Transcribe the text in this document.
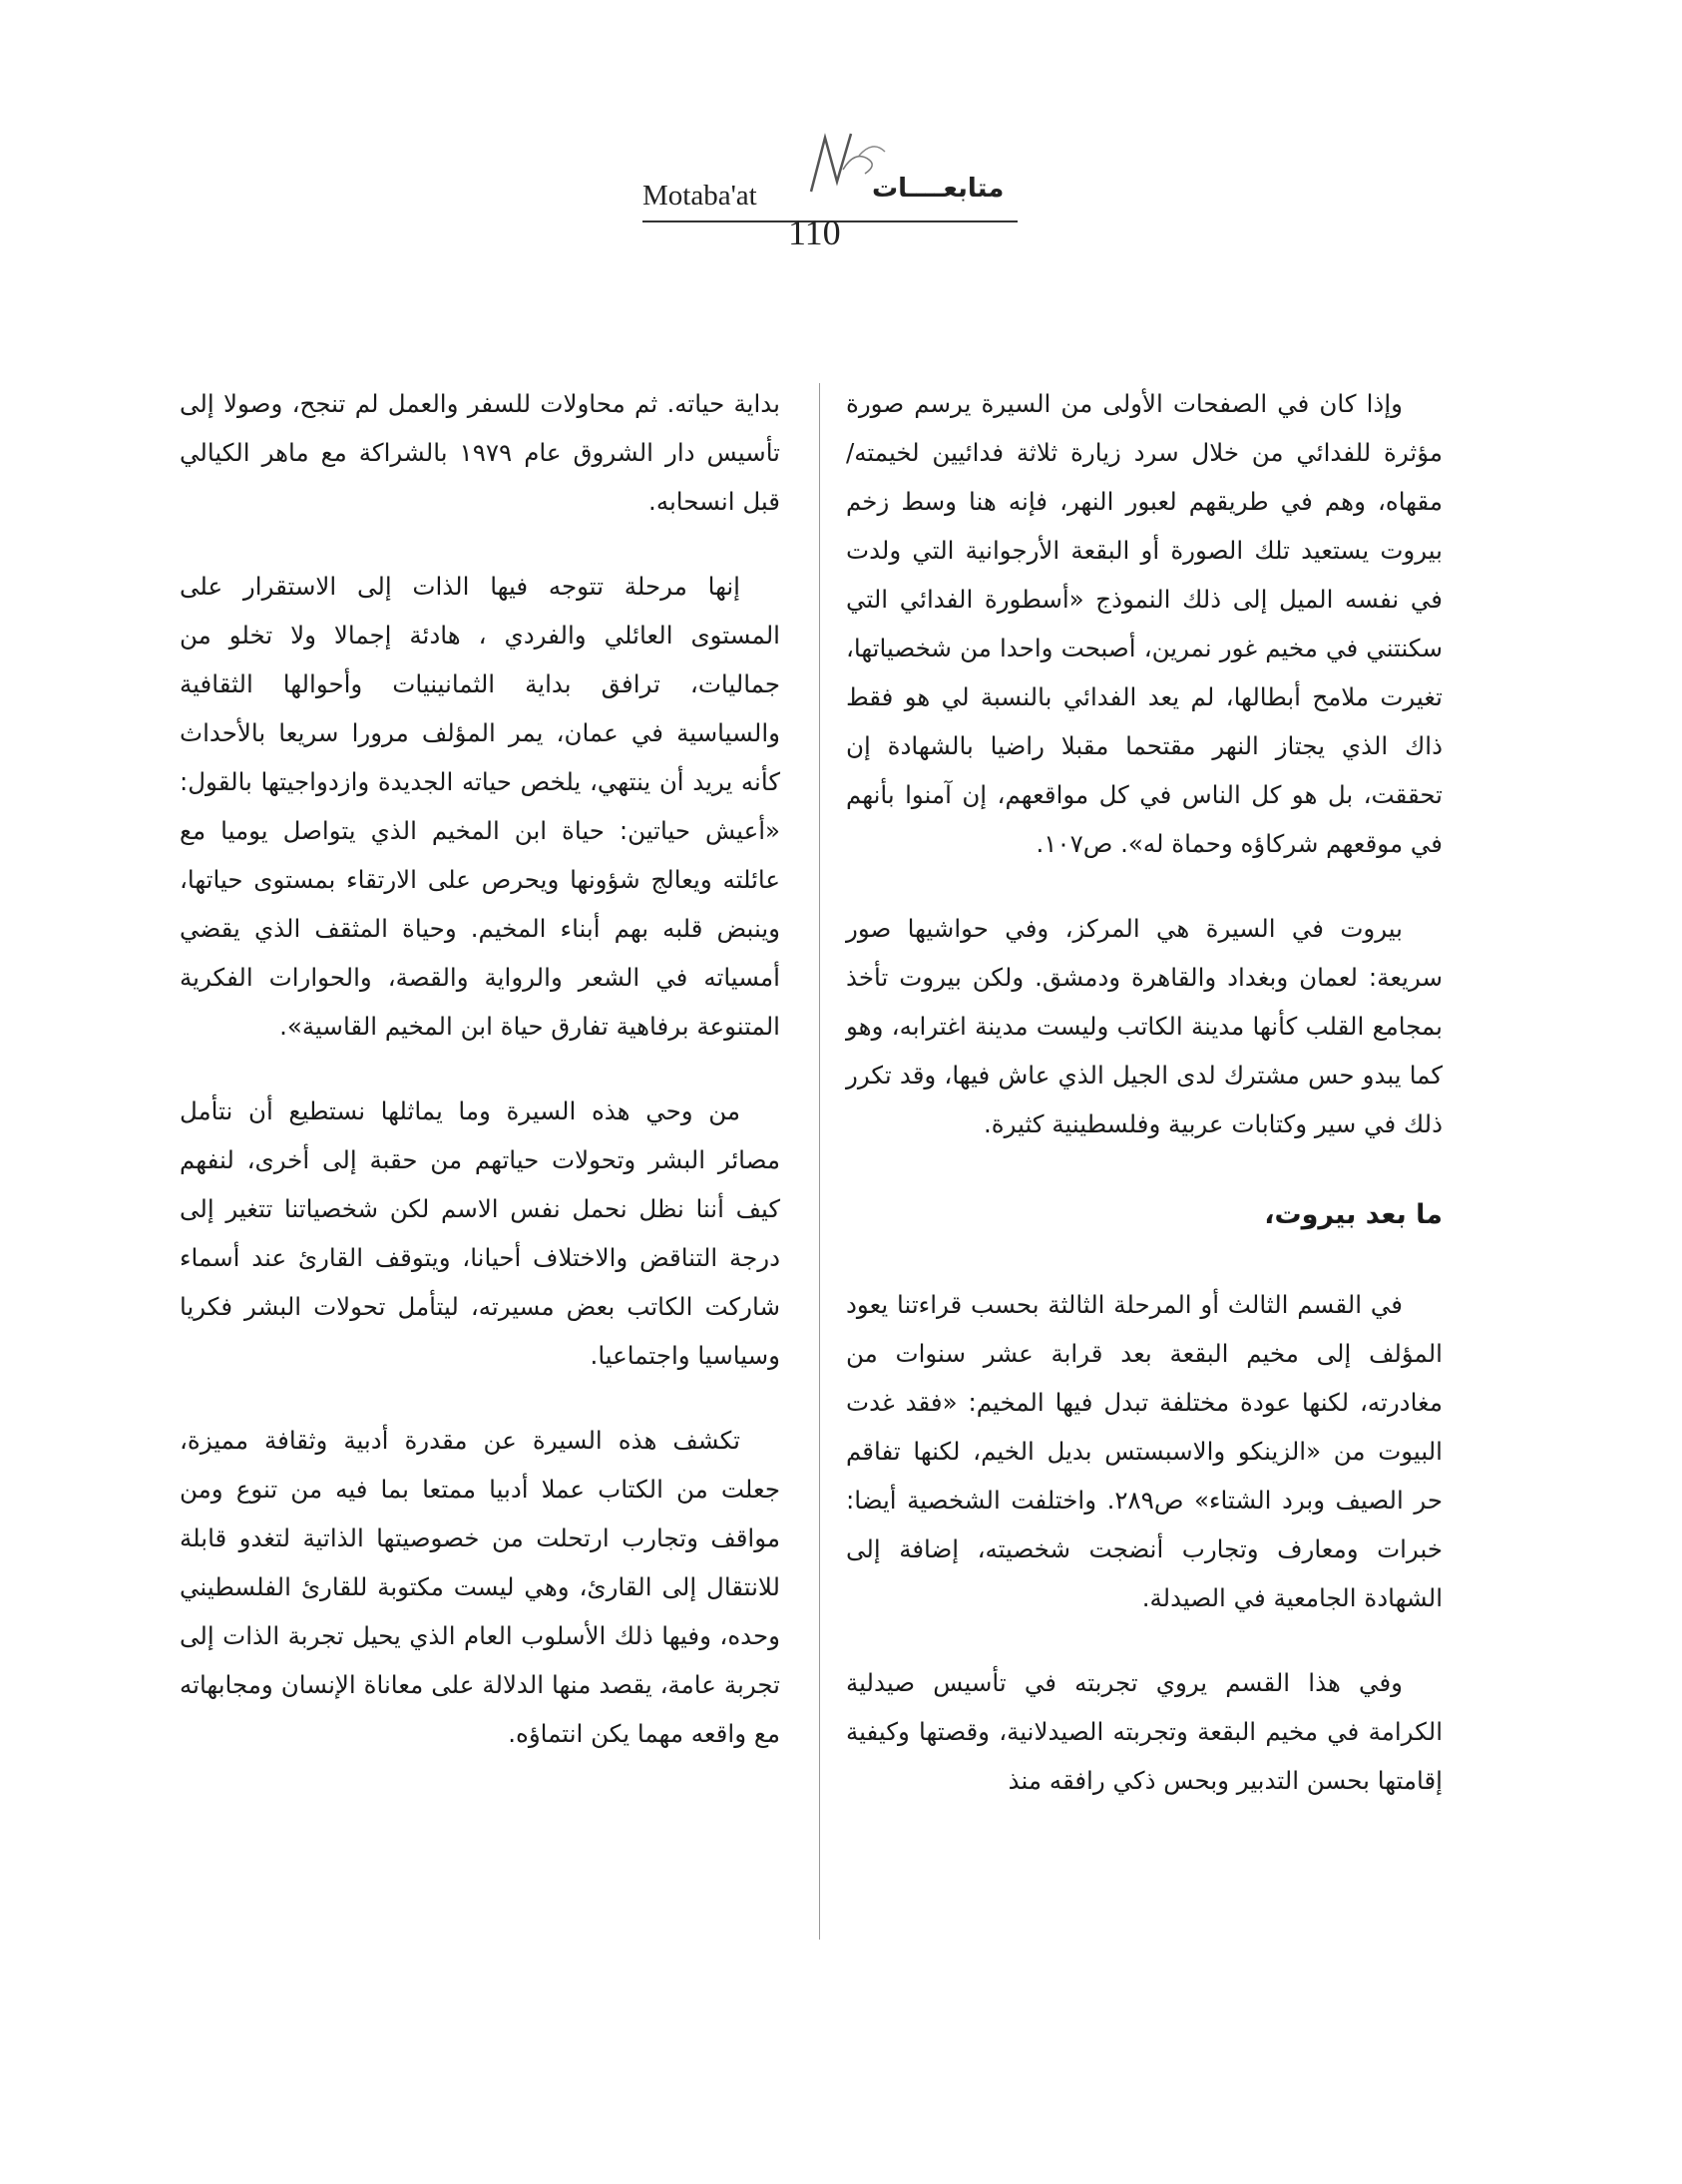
Motaba'at	متابعــــات
110

وإذا كان في الصفحات الأولى من السيرة يرسم صورة مؤثرة للفدائي من خلال سرد زيارة ثلاثة فدائيين لخيمته/مقهاه، وهم في طريقهم لعبور النهر، فإنه هنا وسط زخم بيروت يستعيد تلك الصورة أو البقعة الأرجوانية التي ولدت في نفسه الميل إلى ذلك النموذج «أسطورة الفدائي التي سكنتني في مخيم غور نمرين، أصبحت واحدا من شخصياتها، تغيرت ملامح أبطالها، لم يعد الفدائي بالنسبة لي هو فقط ذاك الذي يجتاز النهر مقتحما مقبلا راضيا بالشهادة إن تحققت، بل هو كل الناس في كل مواقعهم، إن آمنوا بأنهم في موقعهم شركاؤه وحماة له». ص١٠٧.

بيروت في السيرة هي المركز، وفي حواشيها صور سريعة: لعمان وبغداد والقاهرة ودمشق. ولكن بيروت تأخذ بمجامع القلب كأنها مدينة الكاتب وليست مدينة اغترابه، وهو كما يبدو حس مشترك لدى الجيل الذي عاش فيها، وقد تكرر ذلك في سير وكتابات عربية وفلسطينية كثيرة.

ما بعد بيروت،

في القسم الثالث أو المرحلة الثالثة بحسب قراءتنا يعود المؤلف إلى مخيم البقعة بعد قرابة عشر سنوات من مغادرته، لكنها عودة مختلفة تبدل فيها المخيم: «فقد غدت البيوت من «الزينكو والاسبستس بديل الخيم، لكنها تفاقم حر الصيف وبرد الشتاء» ص٢٨٩. واختلفت الشخصية أيضا: خبرات ومعارف وتجارب أنضجت شخصيته، إضافة إلى الشهادة الجامعية في الصيدلة.

وفي هذا القسم يروي تجربته في تأسيس صيدلية الكرامة في مخيم البقعة وتجربته الصيدلانية، وقصتها وكيفية إقامتها بحسن التدبير وبحس ذكي رافقه منذ

بداية حياته. ثم محاولات للسفر والعمل لم تنجح، وصولا إلى تأسيس دار الشروق عام ١٩٧٩ بالشراكة مع ماهر الكيالي قبل انسحابه.

إنها مرحلة تتوجه فيها الذات إلى الاستقرار على المستوى العائلي والفردي ، هادئة إجمالا ولا تخلو من جماليات، ترافق بداية الثمانينيات وأحوالها الثقافية والسياسية في عمان، يمر المؤلف مرورا سريعا بالأحداث كأنه يريد أن ينتهي، يلخص حياته الجديدة وازدواجيتها بالقول: «أعيش حياتين: حياة ابن المخيم الذي يتواصل يوميا مع عائلته ويعالج شؤونها ويحرص على الارتقاء بمستوى حياتها، وينبض قلبه بهم أبناء المخيم. وحياة المثقف الذي يقضي أمسياته في الشعر والرواية والقصة، والحوارات الفكرية المتنوعة برفاهية تفارق حياة ابن المخيم القاسية».

من وحي هذه السيرة وما يماثلها نستطيع أن نتأمل مصائر البشر وتحولات حياتهم من حقبة إلى أخرى، لنفهم كيف أننا نظل نحمل نفس الاسم لكن شخصياتنا تتغير إلى درجة التناقض والاختلاف أحيانا، ويتوقف القارئ عند أسماء شاركت الكاتب بعض مسيرته، ليتأمل تحولات البشر فكريا وسياسيا واجتماعيا.

تكشف هذه السيرة عن مقدرة أدبية وثقافة مميزة، جعلت من الكتاب عملا أدبيا ممتعا بما فيه من تنوع ومن مواقف وتجارب ارتحلت من خصوصيتها الذاتية لتغدو قابلة للانتقال إلى القارئ، وهي ليست مكتوبة للقارئ الفلسطيني وحده، وفيها ذلك الأسلوب العام الذي يحيل تجربة الذات إلى تجربة عامة، يقصد منها الدلالة على معاناة الإنسان ومجابهاته مع واقعه مهما يكن انتماؤه.
